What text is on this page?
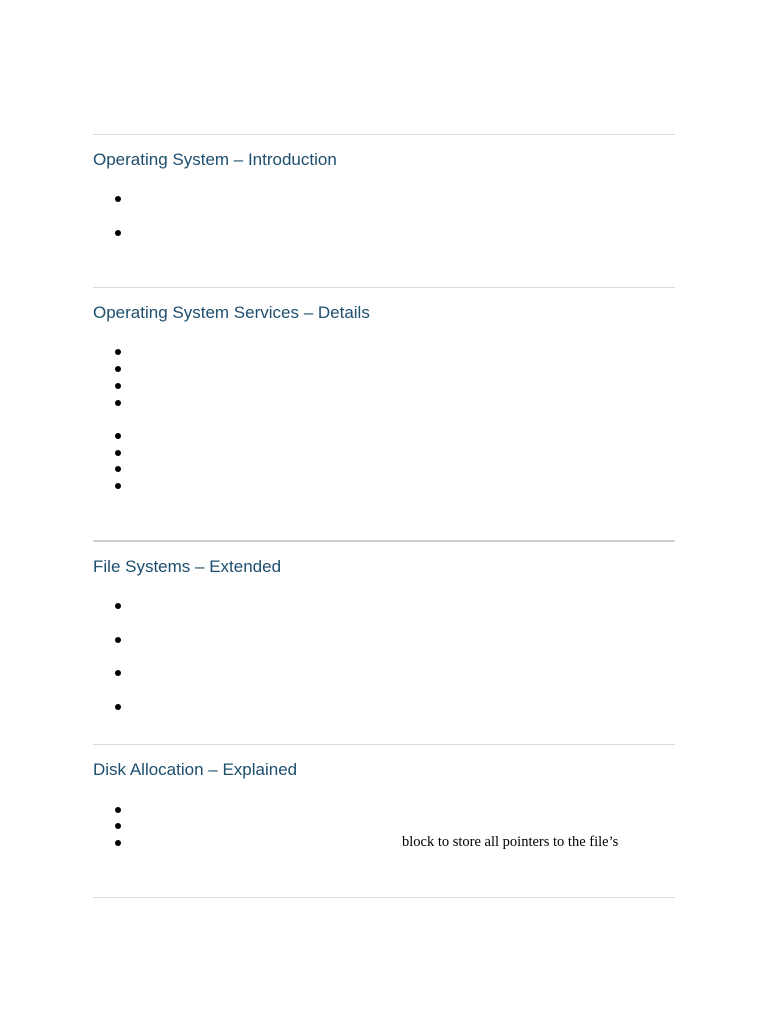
Operating System – Introduction
Operating System Services – Details
File Systems – Extended
Disk Allocation – Explained
block to store all pointers to the file’s
